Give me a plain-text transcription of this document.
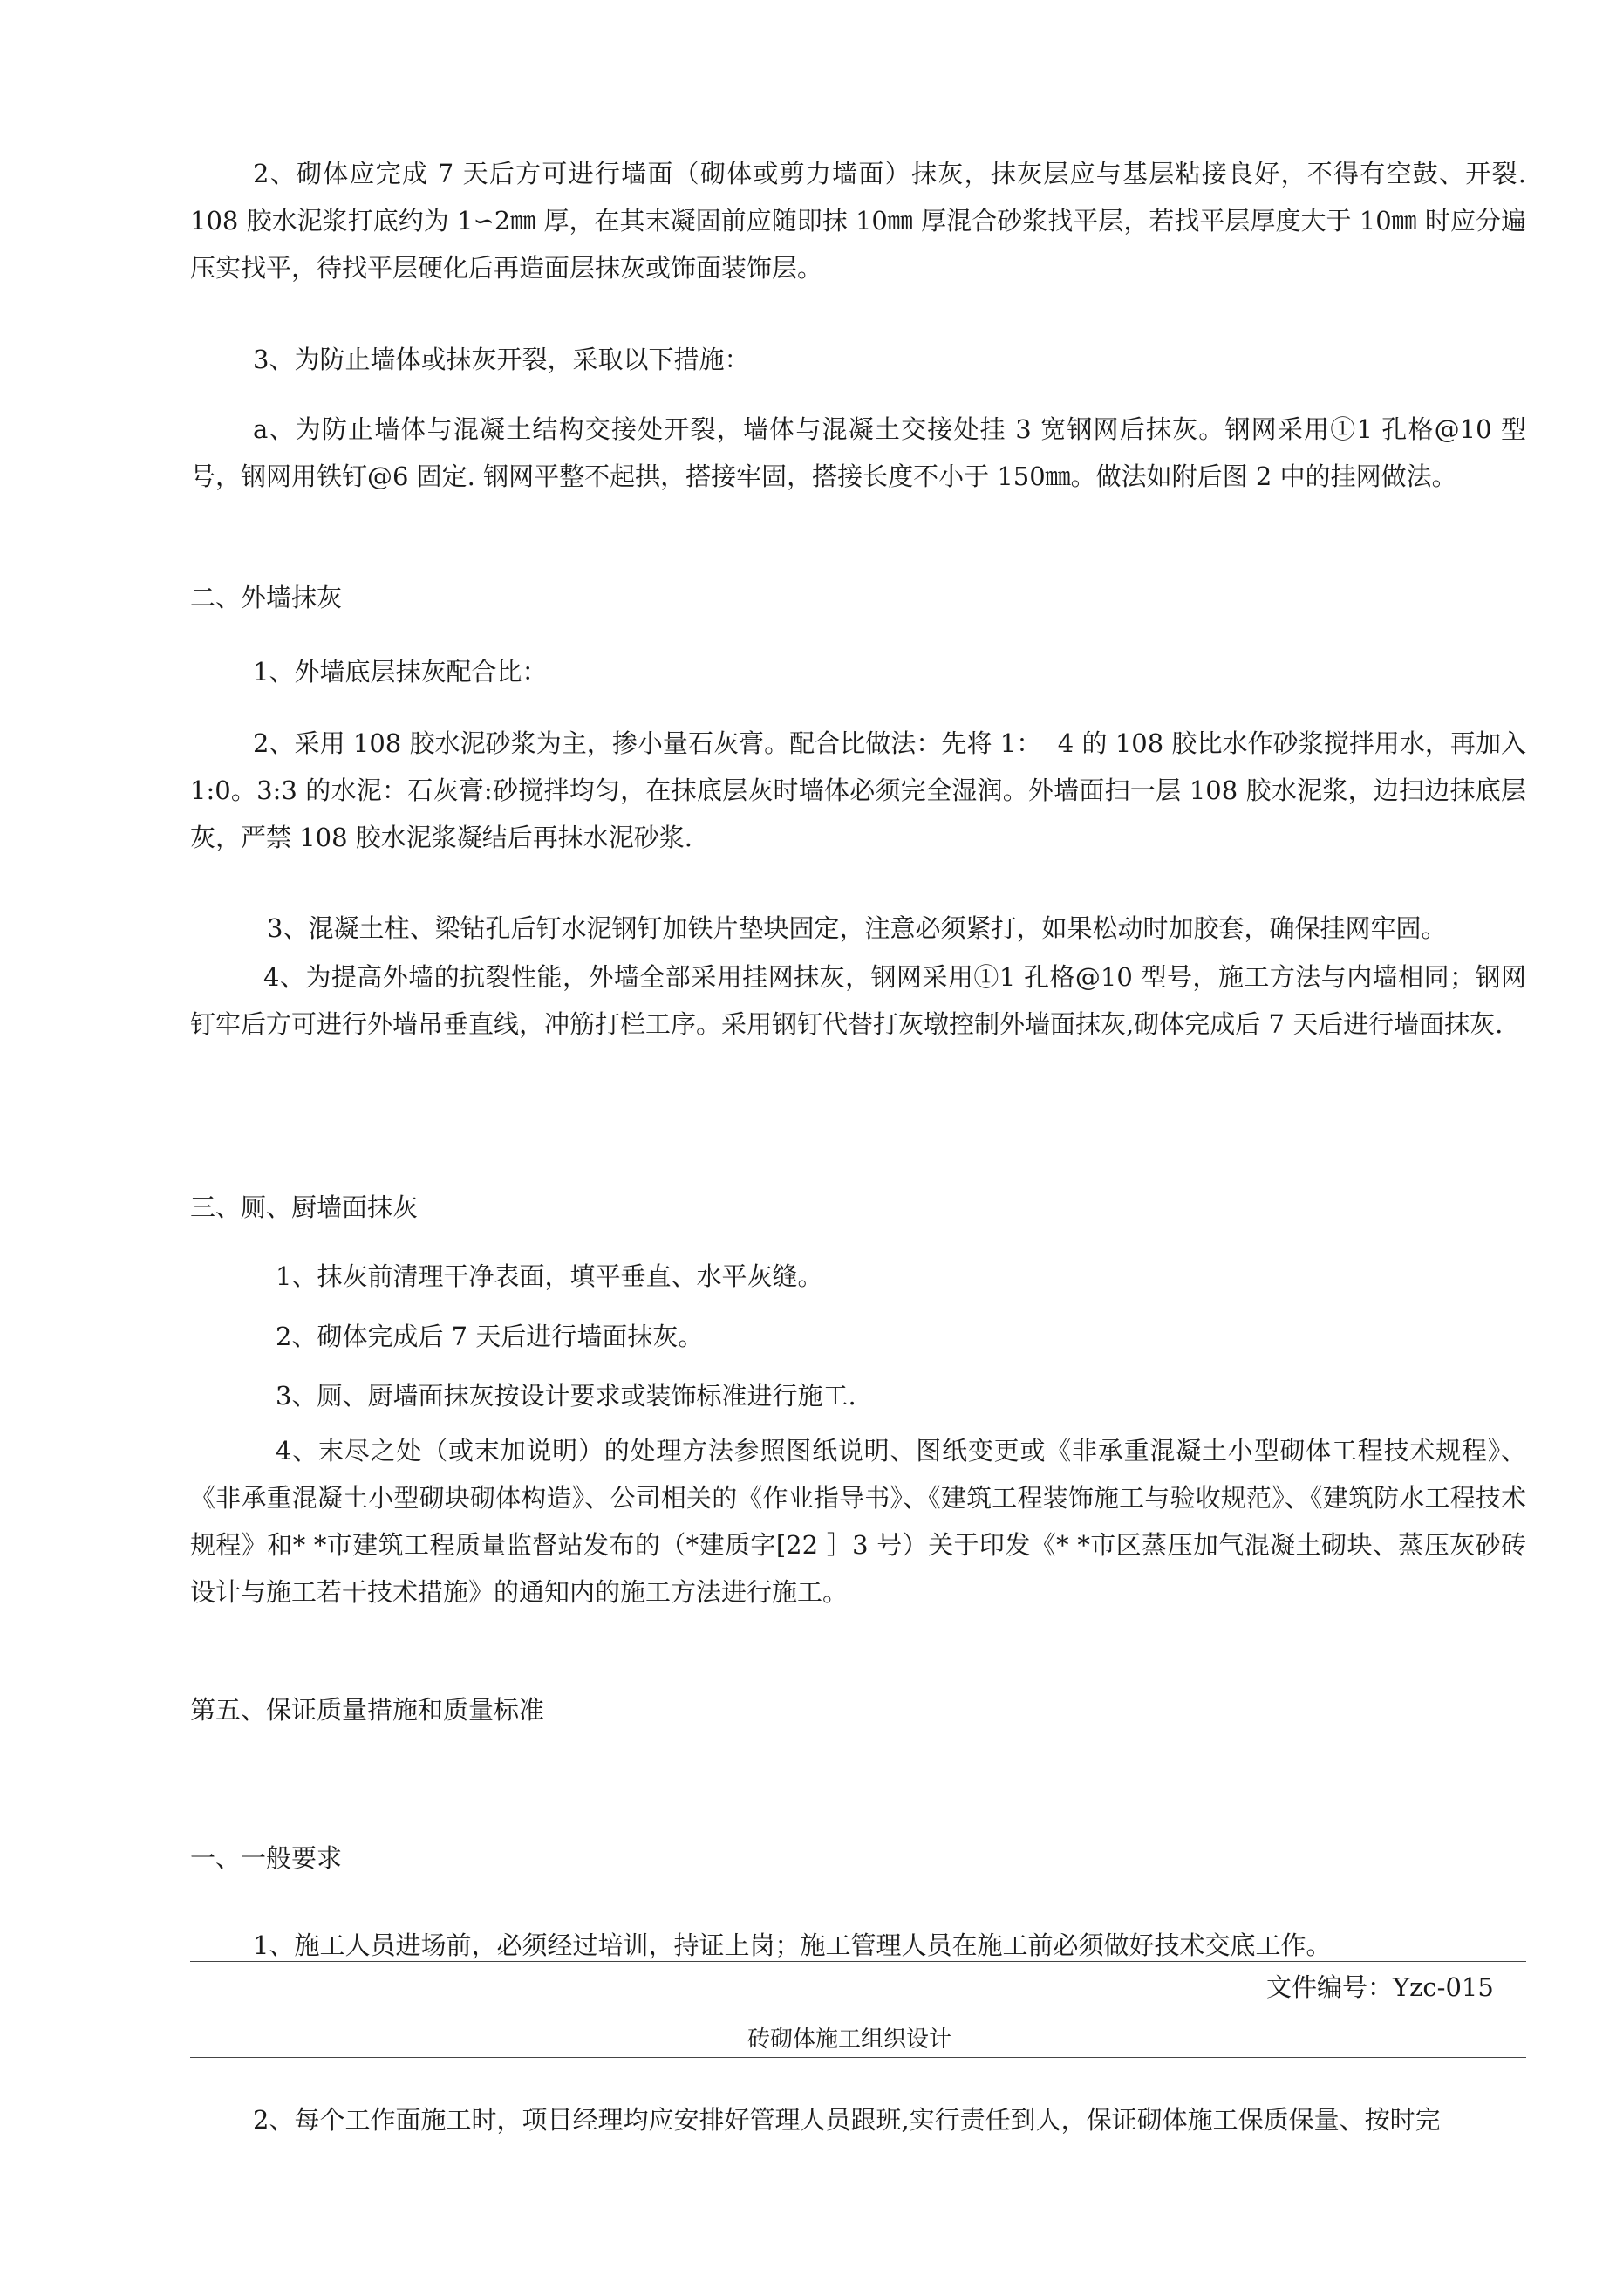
2、砌体应完成 7 天后方可进行墙面（砌体或剪力墙面）抹灰，抹灰层应与基层粘接良好，不得有空鼓、开裂. 108 胶水泥浆打底约为 1∽2㎜ 厚，在其末凝固前应随即抹 10㎜ 厚混合砂浆找平层，若找平层厚度大于 10㎜ 时应分遍压实找平，待找平层硬化后再造面层抹灰或饰面装饰层。

3、为防止墙体或抹灰开裂，采取以下措施：

a、为防止墙体与混凝土结构交接处开裂，墙体与混凝土交接处挂 3 宽钢网后抹灰。钢网采用①1 孔格@10 型号，钢网用铁钉@6 固定. 钢网平整不起拱，搭接牢固，搭接长度不小于 150㎜。做法如附后图 2 中的挂网做法。

二、外墙抹灰

1、外墙底层抹灰配合比：

2、采用 108 胶水泥砂浆为主，掺小量石灰膏。配合比做法：先将 1：  4 的 108 胶比水作砂浆搅拌用水，再加入 1:0。3:3 的水泥：石灰膏:砂搅拌均匀，在抹底层灰时墙体必须完全湿润。外墙面扫一层 108 胶水泥浆，边扫边抹底层灰，严禁 108 胶水泥浆凝结后再抹水泥砂浆.

3、混凝土柱、梁钻孔后钉水泥钢钉加铁片垫块固定，注意必须紧打，如果松动时加胶套，确保挂网牢固。

4、为提高外墙的抗裂性能，外墙全部采用挂网抹灰，钢网采用①1 孔格@10 型号，施工方法与内墙相同；钢网钉牢后方可进行外墙吊垂直线，冲筋打栏工序。采用钢钉代替打灰墩控制外墙面抹灰,砌体完成后 7 天后进行墙面抹灰.

三、厕、厨墙面抹灰

1、抹灰前清理干净表面，填平垂直、水平灰缝。

2、砌体完成后 7 天后进行墙面抹灰。

3、厕、厨墙面抹灰按设计要求或装饰标准进行施工.

4、末尽之处（或末加说明）的处理方法参照图纸说明、图纸变更或《非承重混凝土小型砌体工程技术规程》、《非承重混凝土小型砌块砌体构造》、公司相关的《作业指导书》、《建筑工程装饰施工与验收规范》、《建筑防水工程技术规程》和* *市建筑工程质量监督站发布的（*建质字[22 ］3 号）关于印发《* *市区蒸压加气混凝土砌块、蒸压灰砂砖设计与施工若干技术措施》的通知内的施工方法进行施工。

第五、保证质量措施和质量标准

一、一般要求

1、施工人员进场前，必须经过培训，持证上岗；施工管理人员在施工前必须做好技术交底工作。

文件编号：Yzc-015

砖砌体施工组织设计

2、每个工作面施工时，项目经理均应安排好管理人员跟班,实行责任到人，保证砌体施工保质保量、按时完
